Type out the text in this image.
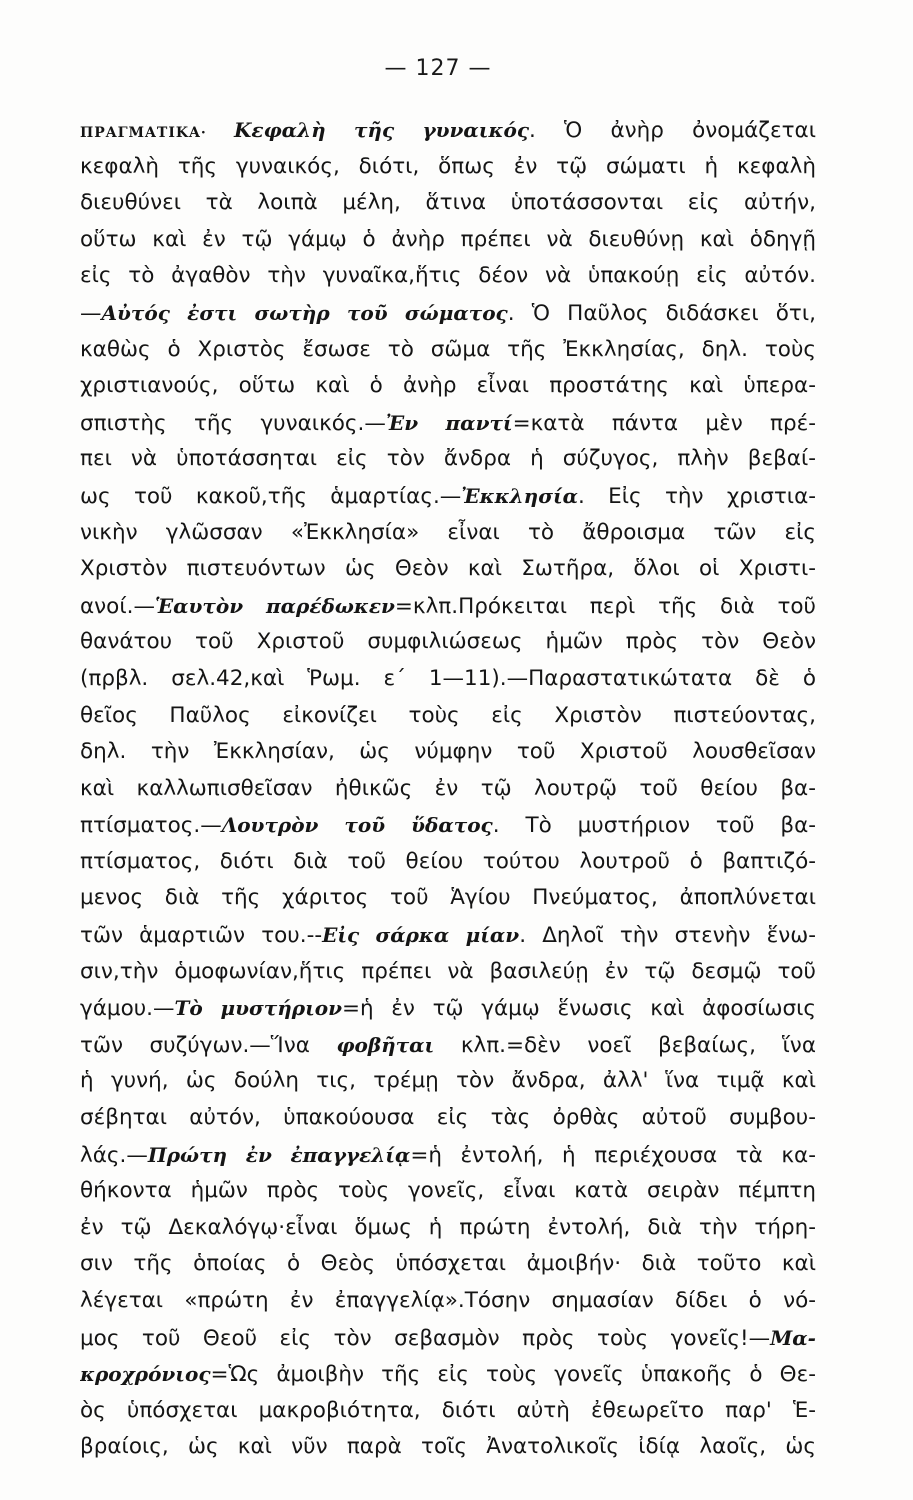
— 127 —
ΠΡΑΓΜΑΤΙΚΑ· Κεφαλὴ τῆς γυναικός. Ὁ ἀνὴρ ὀνομάζεται
κεφαλὴ τῆς γυναικός, διότι, ὅπως ἐν τῷ σώματι ἡ κεφαλὴ
διευθύνει τὰ λοιπὰ μέλη, ἅτινα ὑποτάσσονται εἰς αὐτήν,
οὕτω καὶ ἐν τῷ γάμῳ ὁ ἀνὴρ πρέπει νὰ διευθύνῃ καὶ ὁδηγῇ
εἰς τὸ ἀγαθὸν τὴν γυναῖκα,ἥτις δέον νὰ ὑπακούῃ εἰς αὐτόν.
—Αὐτός ἐστι σωτὴρ τοῦ σώματος. Ὁ Παῦλος διδάσκει ὅτι,
καθὼς ὁ Χριστὸς ἔσωσε τὸ σῶμα τῆς Ἐκκλησίας, δηλ. τοὺς
χριστιανούς, οὕτω καὶ ὁ ἀνὴρ εἶναι προστάτης καὶ ὑπερα-
σπιστὴς τῆς γυναικός.—Ἐν παντί=κατὰ πάντα μὲν πρέ-
πει νὰ ὑποτάσσηται εἰς τὸν ἄνδρα ἡ σύζυγος, πλὴν βεβαί-
ως τοῦ κακοῦ,τῆς ἁμαρτίας.—Ἐκκλησία. Εἰς τὴν χριστια-
νικὴν γλῶσσαν «Ἐκκλησία» εἶναι τὸ ἄθροισμα τῶν εἰς
Χριστὸν πιστευόντων ὡς Θεὸν καὶ Σωτῆρα, ὅλοι οἱ Χριστι-
ανοί.—Ἑαυτὸν παρέδωκεν=κλπ.Πρόκειται περὶ τῆς διὰ τοῦ
θανάτου τοῦ Χριστοῦ συμφιλιώσεως ἡμῶν πρὸς τὸν Θεὸν
(πρβλ. σελ.42,καὶ Ῥωμ. ε΄ 1—11).—Παραστατικώτατα δὲ ὁ
θεῖος Παῦλος εἰκονίζει τοὺς εἰς Χριστὸν πιστεύοντας,
δηλ. τὴν Ἐκκλησίαν, ὡς νύμφην τοῦ Χριστοῦ λουσθεῖσαν
καὶ καλλωπισθεῖσαν ἠθικῶς ἐν τῷ λουτρῷ τοῦ θείου βα-
πτίσματος.—Λουτρὸν τοῦ ὕδατος. Τὸ μυστήριον τοῦ βα-
πτίσματος, διότι διὰ τοῦ θείου τούτου λουτροῦ ὁ βαπτιζό-
μενος διὰ τῆς χάριτος τοῦ Ἁγίου Πνεύματος, ἀποπλύνεται
τῶν ἁμαρτιῶν του.--Εἰς σάρκα μίαν. Δηλοῖ τὴν στενὴν ἕνω-
σιν,τὴν ὁμοφωνίαν,ἥτις πρέπει νὰ βασιλεύῃ ἐν τῷ δεσμῷ τοῦ
γάμου.—Τὸ μυστήριον=ἡ ἐν τῷ γάμῳ ἕνωσις καὶ ἀφοσίωσις
τῶν συζύγων.—Ἵνα φοβῆται κλπ.=δὲν νοεῖ βεβαίως, ἵνα
ἡ γυνή, ὡς δούλη τις, τρέμῃ τὸν ἄνδρα, ἀλλ' ἵνα τιμᾷ καὶ
σέβηται αὐτόν, ὑπακούουσα εἰς τὰς ὀρθὰς αὐτοῦ συμβου-
λάς.—Πρώτη ἐν ἐπαγγελίᾳ=ἡ ἐντολή, ἡ περιέχουσα τὰ κα-
θήκοντα ἡμῶν πρὸς τοὺς γονεῖς, εἶναι κατὰ σειρὰν πέμπτη
ἐν τῷ Δεκαλόγῳ·εἶναι ὅμως ἡ πρώτη ἐντολή, διὰ τὴν τήρη-
σιν τῆς ὁποίας ὁ Θεὸς ὑπόσχεται ἀμοιβήν· διὰ τοῦτο καὶ
λέγεται «πρώτη ἐν ἐπαγγελίᾳ».Τόσην σημασίαν δίδει ὁ νό-
μος τοῦ Θεοῦ εἰς τὸν σεβασμὸν πρὸς τοὺς γονεῖς!—Μα-
κροχρόνιος=Ὡς ἀμοιβὴν τῆς εἰς τοὺς γονεῖς ὑπακοῆς ὁ Θε-
ὸς ὑπόσχεται μακροβιότητα, διότι αὐτὴ ἐθεωρεῖτο παρ' Ἑ-
βραίοις, ὡς καὶ νῦν παρὰ τοῖς Ἀνατολικοῖς ἰδίᾳ λαοῖς, ὡς
